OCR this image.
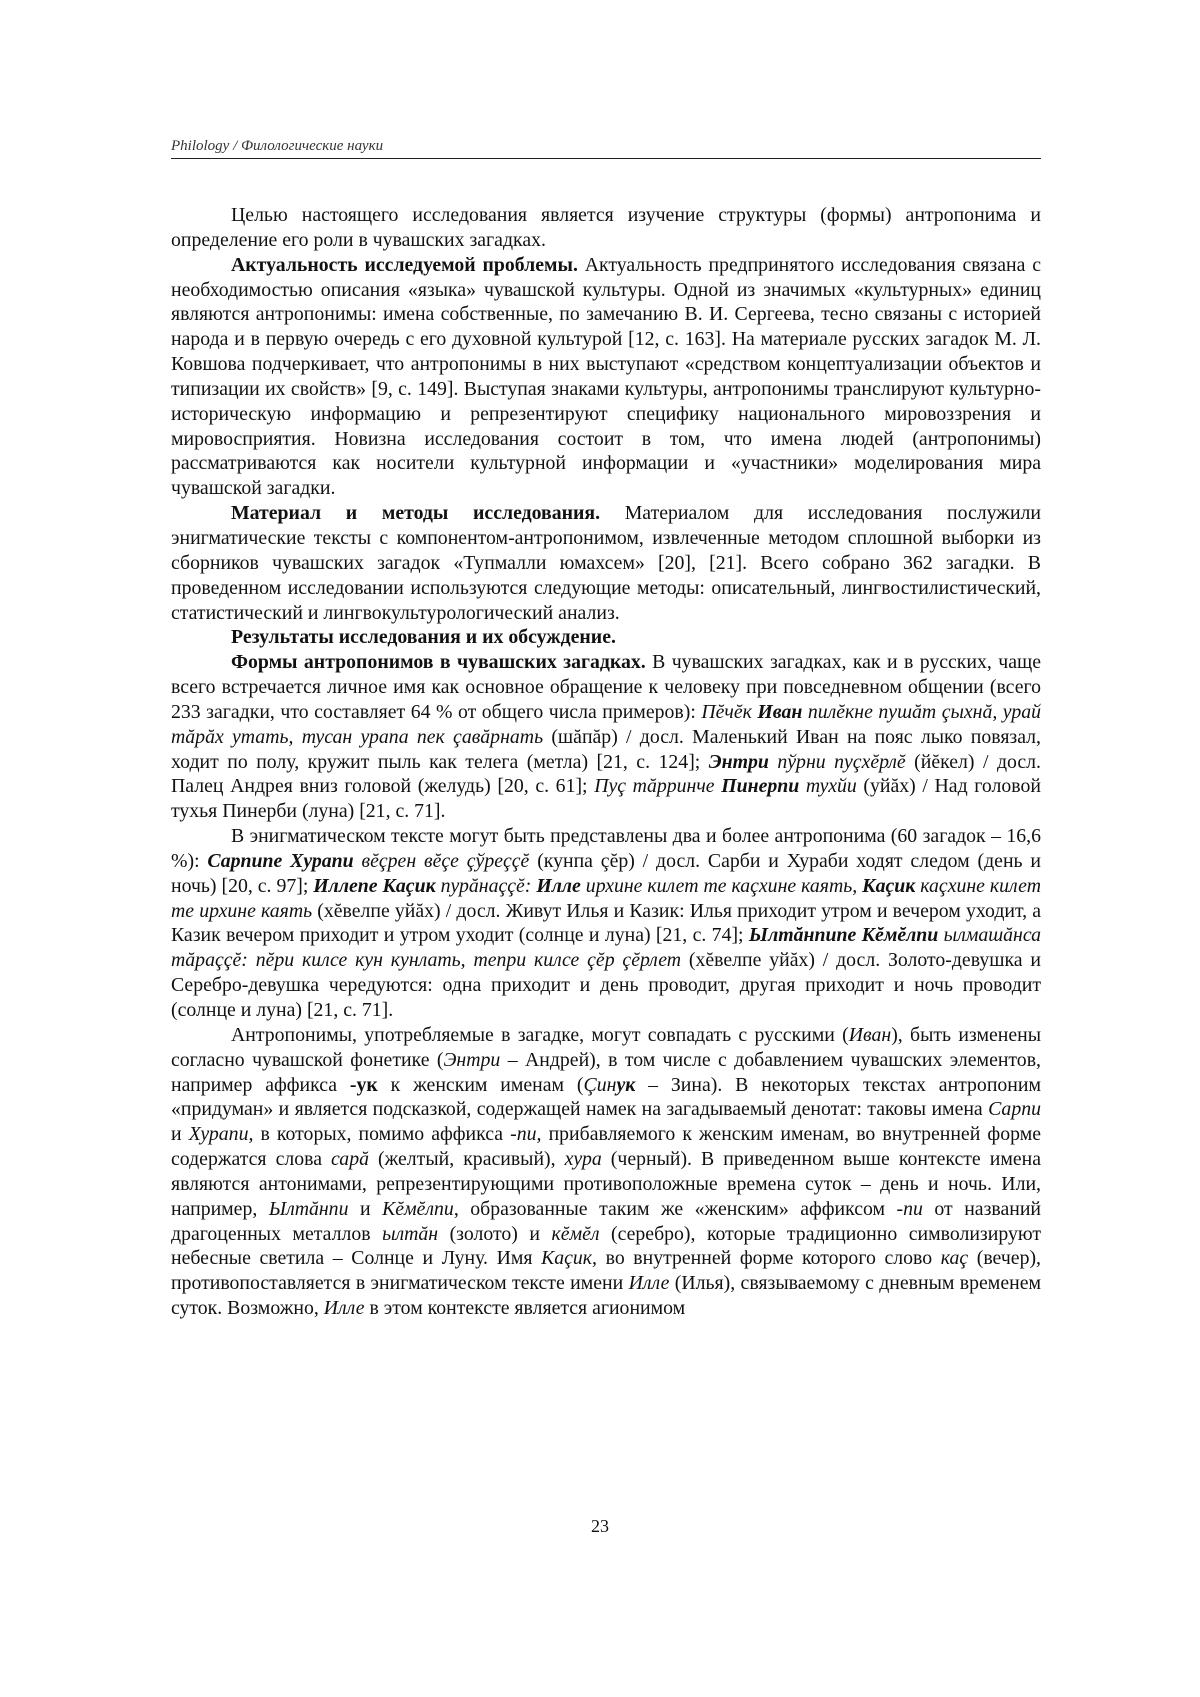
Philology / Филологические науки

Целью настоящего исследования является изучение структуры (формы) антропонима и определение его роли в чувашских загадках.

Актуальность исследуемой проблемы. Актуальность предпринятого исследования связана с необходимостью описания «языка» чувашской культуры. Одной из значимых «культурных» единиц являются антропонимы: имена собственные, по замечанию В. И. Сергеева, тесно связаны с историей народа и в первую очередь с его духовной культурой [12, с. 163]. На материале русских загадок М. Л. Ковшова подчеркивает, что антропонимы в них выступают «средством концептуализации объектов и типизации их свойств» [9, с. 149]. Выступая знаками культуры, антропонимы транслируют культурно-историческую информацию и репрезентируют специфику национального мировоззрения и мировосприятия. Новизна исследования состоит в том, что имена людей (антропонимы) рассматриваются как носители культурной информации и «участники» моделирования мира чувашской загадки.

Материал и методы исследования. Материалом для исследования послужили энигматические тексты с компонентом-антропонимом, извлеченные методом сплошной выборки из сборников чувашских загадок «Тупмалли юмахсем» [20], [21]. Всего собрано 362 загадки. В проведенном исследовании используются следующие методы: описательный, лингвостилистический, статистический и лингвокультурологический анализ.

Результаты исследования и их обсуждение.

Формы антропонимов в чувашских загадках. В чувашских загадках, как и в русских, чаще всего встречается личное имя как основное обращение к человеку при повседневном общении (всего 233 загадки, что составляет 64 % от общего числа примеров): Пĕчĕк Иван пилĕкне пушăт çыхнă, урай тăрăх утать, тусан урапа пек çавăрнать (шăпăр) / досл. Маленький Иван на пояс лыко повязал, ходит по полу, кружит пыль как телега (метла) [21, с. 124]; Энтри пўрни пуçхĕрлĕ (йĕкел) / досл. Палец Андрея вниз головой (желудь) [20, с. 61]; Пуç тăрринче Пинерпи тухйи (уйăх) / Над головой тухья Пинерби (луна) [21, с. 71].

В энигматическом тексте могут быть представлены два и более антропонима (60 загадок – 16,6 %): Сарпипе Хурапи вĕçрен вĕçе çўреççĕ (кунпа çĕр) / досл. Сарби и Хураби ходят следом (день и ночь) [20, с. 97]; Иллепе Каçик пурăнаççĕ: Илле ирхине килет те каçхине каять, Каçик каçхине килет те ирхине каять (хĕвелпе уйăх) / досл. Живут Илья и Казик: Илья приходит утром и вечером уходит, а Казик вечером приходит и утром уходит (солнце и луна) [21, с. 74]; Ылтăнпипе Кĕмĕлпи ылмашăнса тăраççĕ: пĕри килсе кун кунлать, тепри килсе çĕр çĕрлет (хĕвелпе уйăх) / досл. Золото-девушка и Серебро-девушка чередуются: одна приходит и день проводит, другая приходит и ночь проводит (солнце и луна) [21, с. 71].

Антропонимы, употребляемые в загадке, могут совпадать с русскими (Иван), быть изменены согласно чувашской фонетике (Энтри – Андрей), в том числе с добавлением чувашских элементов, например аффикса -ук к женским именам (Çинук – Зина). В некоторых текстах антропоним «придуман» и является подсказкой, содержащей намек на загадываемый денотат: таковы имена Сарпи и Хурапи, в которых, помимо аффикса -пи, прибавляемого к женским именам, во внутренней форме содержатся слова сарă (желтый, красивый), хура (черный). В приведенном выше контексте имена являются антонимами, репрезентирующими противоположные времена суток – день и ночь. Или, например, Ылтăнпи и Кĕмĕлпи, образованные таким же «женским» аффиксом -пи от названий драгоценных металлов ылтăн (золото) и кĕмĕл (серебро), которые традиционно символизируют небесные светила – Солнце и Луну. Имя Каçик, во внутренней форме которого слово каç (вечер), противопоставляется в энигматическом тексте имени Илле (Илья), связываемому с дневным временем суток. Возможно, Илле в этом контексте является агионимом

23
